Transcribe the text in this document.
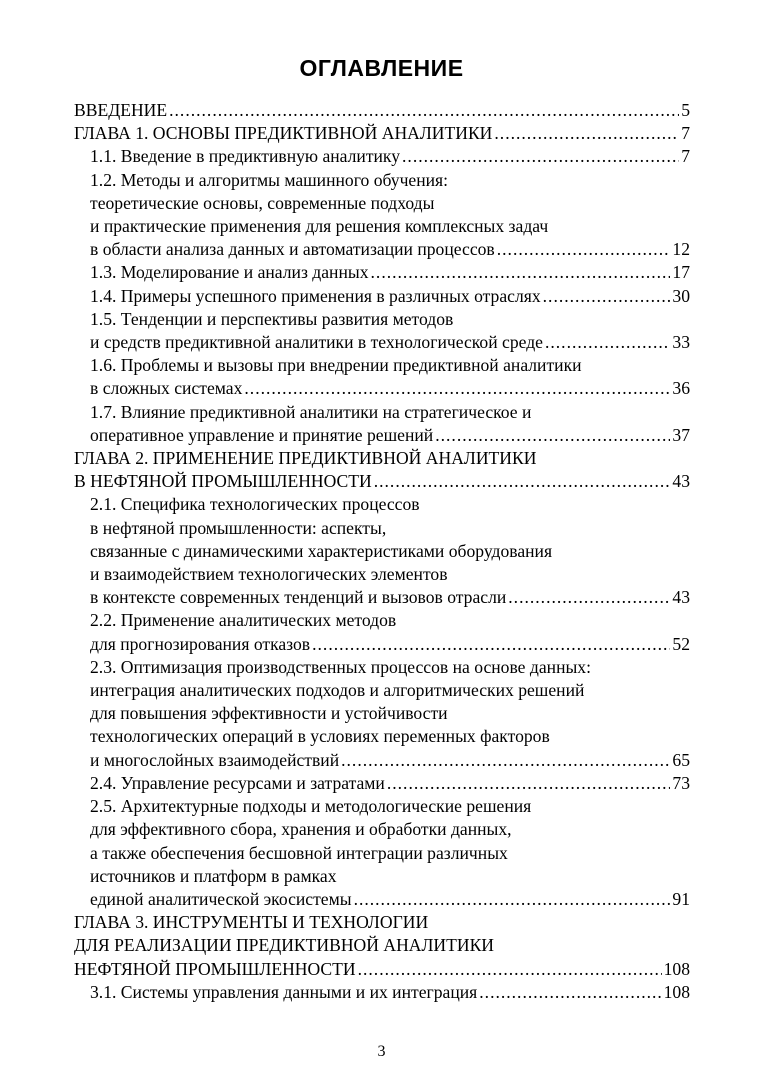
ОГЛАВЛЕНИЕ
ВВЕДЕНИЕ .....	5
ГЛАВА 1. ОСНОВЫ ПРЕДИКТИВНОЙ АНАЛИТИКИ .....	7
1.1. Введение в предиктивную аналитику .....	7
1.2. Методы и алгоритмы машинного обучения:
теоретические основы, современные подходы
и практические применения для решения комплексных задач
в области анализа данных и автоматизации процессов .....	12
1.3. Моделирование и анализ данных .....	17
1.4. Примеры успешного применения в различных отраслях .....	30
1.5. Тенденции и перспективы развития методов
и средств предиктивной аналитики в технологической среде .....	33
1.6. Проблемы и вызовы при внедрении предиктивной аналитики
в сложных системах .....	36
1.7. Влияние предиктивной аналитики на стратегическое и
оперативное управление и принятие решений .....	37
ГЛАВА 2. ПРИМЕНЕНИЕ ПРЕДИКТИВНОЙ АНАЛИТИКИ
В НЕФТЯНОЙ ПРОМЫШЛЕННОСТИ .....	43
2.1. Специфика технологических процессов
в нефтяной промышленности: аспекты,
связанные с динамическими характеристиками оборудования
и взаимодействием технологических элементов
в контексте современных тенденций и вызовов отрасли .....	43
2.2. Применение аналитических методов
для прогнозирования отказов .....	52
2.3. Оптимизация производственных процессов на основе данных:
интеграция аналитических подходов и алгоритмических решений
для повышения эффективности и устойчивости
технологических операций в условиях переменных факторов
и многослойных взаимодействий .....	65
2.4. Управление ресурсами и затратами .....	73
2.5. Архитектурные подходы и методологические решения
для эффективного сбора, хранения и обработки данных,
а также обеспечения бесшовной интеграции различных
источников и платформ в рамках
единой аналитической экосистемы .....	91
ГЛАВА 3. ИНСТРУМЕНТЫ И ТЕХНОЛОГИИ
ДЛЯ РЕАЛИЗАЦИИ ПРЕДИКТИВНОЙ АНАЛИТИКИ
НЕФТЯНОЙ ПРОМЫШЛЕННОСТИ .....	108
3.1. Системы управления данными и их интеграция .....	108
3
